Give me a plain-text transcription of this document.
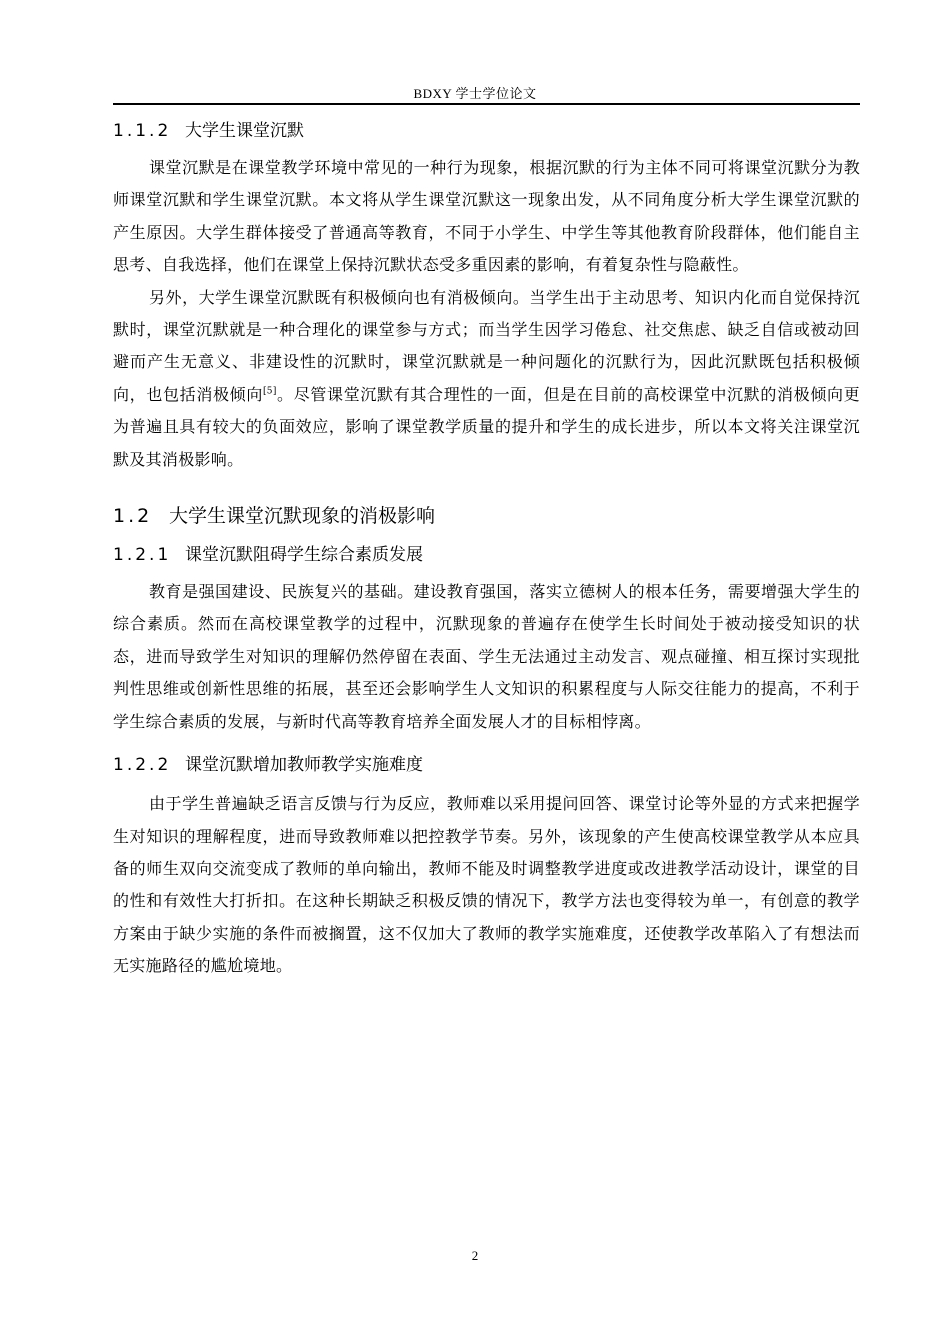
BDXY 学士学位论文
1.1.2 大学生课堂沉默

课堂沉默是在课堂教学环境中常见的一种行为现象，根据沉默的行为主体不同可将课堂沉默分为教师课堂沉默和学生课堂沉默。本文将从学生课堂沉默这一现象出发，从不同角度分析大学生课堂沉默的产生原因。大学生群体接受了普通高等教育，不同于小学生、中学生等其他教育阶段群体，他们能自主思考、自我选择，他们在课堂上保持沉默状态受多重因素的影响，有着复杂性与隐蔽性。

另外，大学生课堂沉默既有积极倾向也有消极倾向。当学生出于主动思考、知识内化而自觉保持沉默时，课堂沉默就是一种合理化的课堂参与方式；而当学生因学习倦怠、社交焦虑、缺乏自信或被动回避而产生无意义、非建设性的沉默时，课堂沉默就是一种问题化的沉默行为，因此沉默既包括积极倾向，也包括消极倾向[5]。尽管课堂沉默有其合理性的一面，但是在目前的高校课堂中沉默的消极倾向更为普遍且具有较大的负面效应，影响了课堂教学质量的提升和学生的成长进步，所以本文将关注课堂沉默及其消极影响。

1.2 大学生课堂沉默现象的消极影响
1.2.1 课堂沉默阻碍学生综合素质发展

教育是强国建设、民族复兴的基础。建设教育强国，落实立德树人的根本任务，需要增强大学生的综合素质。然而在高校课堂教学的过程中，沉默现象的普遍存在使学生长时间处于被动接受知识的状态，进而导致学生对知识的理解仍然停留在表面、学生无法通过主动发言、观点碰撞、相互探讨实现批判性思维或创新性思维的拓展，甚至还会影响学生人文知识的积累程度与人际交往能力的提高，不利于学生综合素质的发展，与新时代高等教育培养全面发展人才的目标相悖离。

1.2.2 课堂沉默增加教师教学实施难度

由于学生普遍缺乏语言反馈与行为反应，教师难以采用提问回答、课堂讨论等外显的方式来把握学生对知识的理解程度，进而导致教师难以把控教学节奏。另外，该现象的产生使高校课堂教学从本应具备的师生双向交流变成了教师的单向输出，教师不能及时调整教学进度或改进教学活动设计，课堂的目的性和有效性大打折扣。在这种长期缺乏积极反馈的情况下，教学方法也变得较为单一，有创意的教学方案由于缺少实施的条件而被搁置，这不仅加大了教师的教学实施难度，还使教学改革陷入了有想法而无实施路径的尴尬境地。

2
